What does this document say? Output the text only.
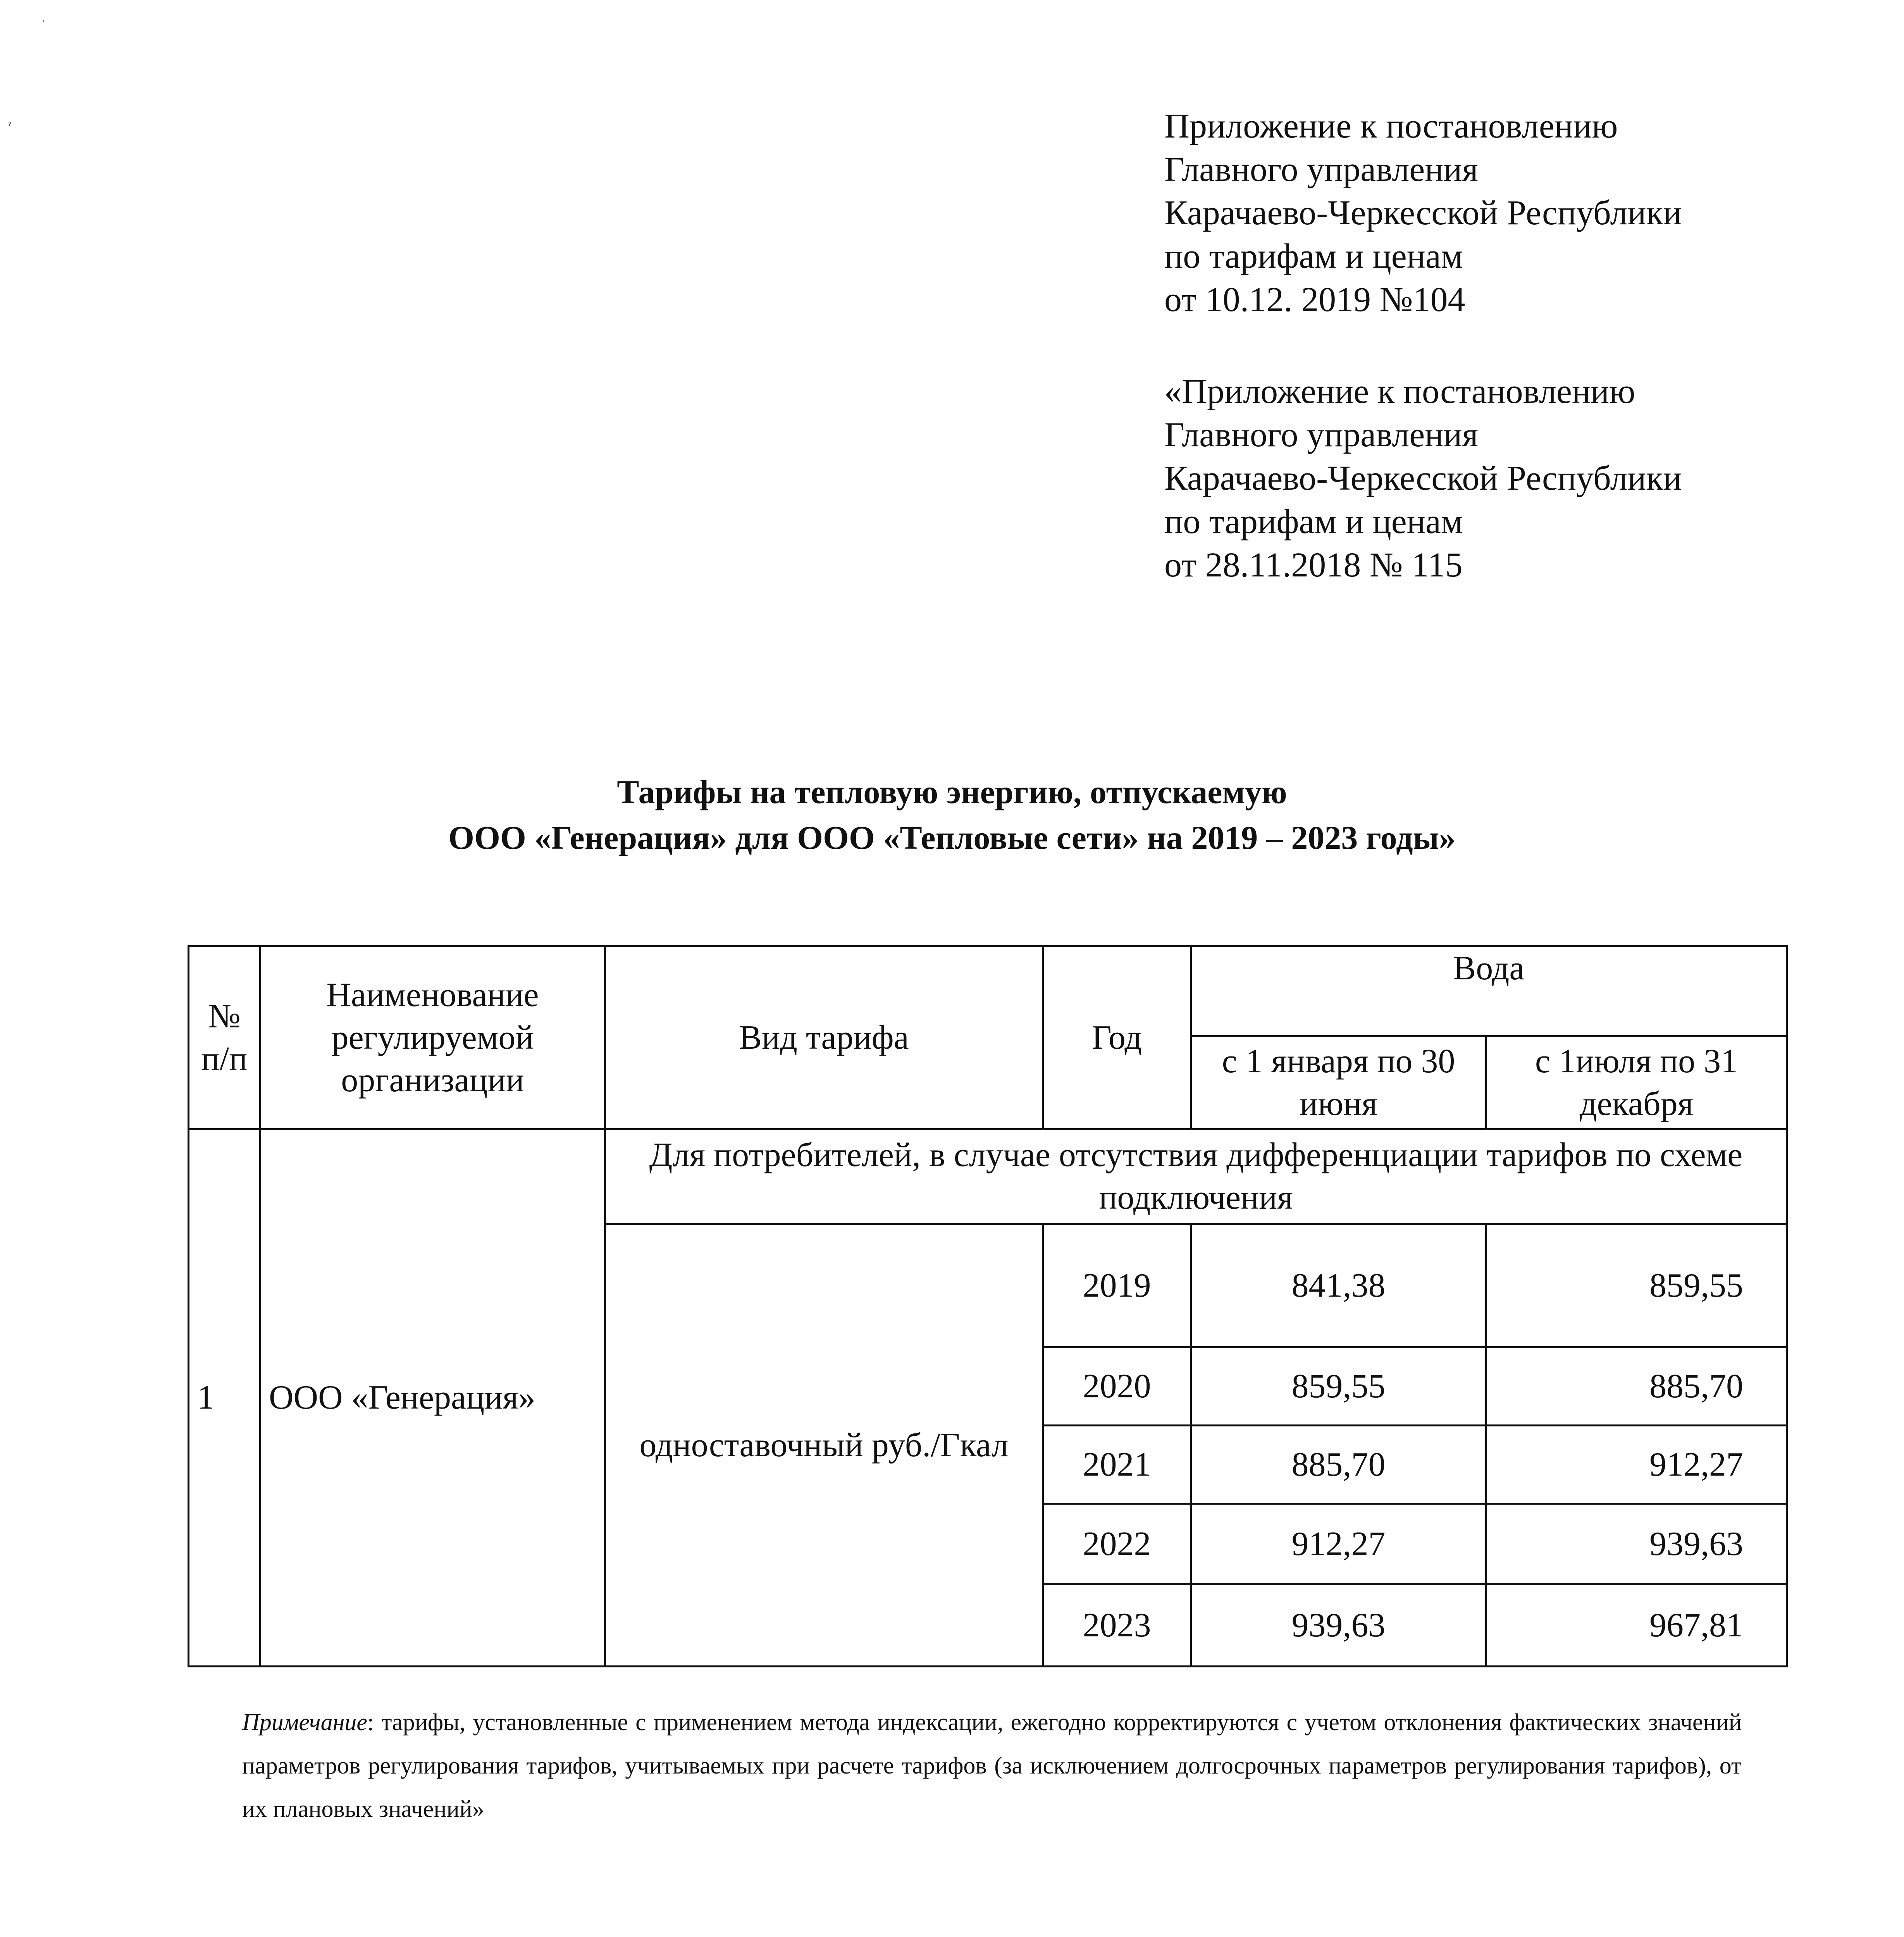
ˈ
ˀ	Приложение к постановлению
Главного управления
Карачаево-Черкесской Республики
по тарифам и ценам
от 10.12. 2019 №104
«Приложение к постановлению
Главного управления
Карачаево-Черкесской Республики
по тарифам и ценам
от 28.11.2018 № 115
Тарифы на тепловую энергию, отпускаемую
ООО «Генерация» для ООО «Тепловые сети» на 2019 – 2023 годы»
№ п/п	Наименование регулируемой организации	Вид тарифа	Год	Вода	
				с 1 января по 30 июня	с 1июля по 31 декабря
1	ООО «Генерация»	Для потребителей, в случае отсутствия дифференциации тарифов по схеме подключения			
		одноставочный руб./Гкал	2019	841,38	859,55
			2020	859,55	885,70
			2021	885,70	912,27
			2022	912,27	939,63
			2023	939,63	967,81
Примечание: тарифы, установленные с применением метода индексации, ежегодно корректируются с учетом отклонения фактических значений параметров регулирования тарифов, учитываемых при расчете тарифов (за исключением долгосрочных параметров регулирования тарифов), от их плановых значений»
